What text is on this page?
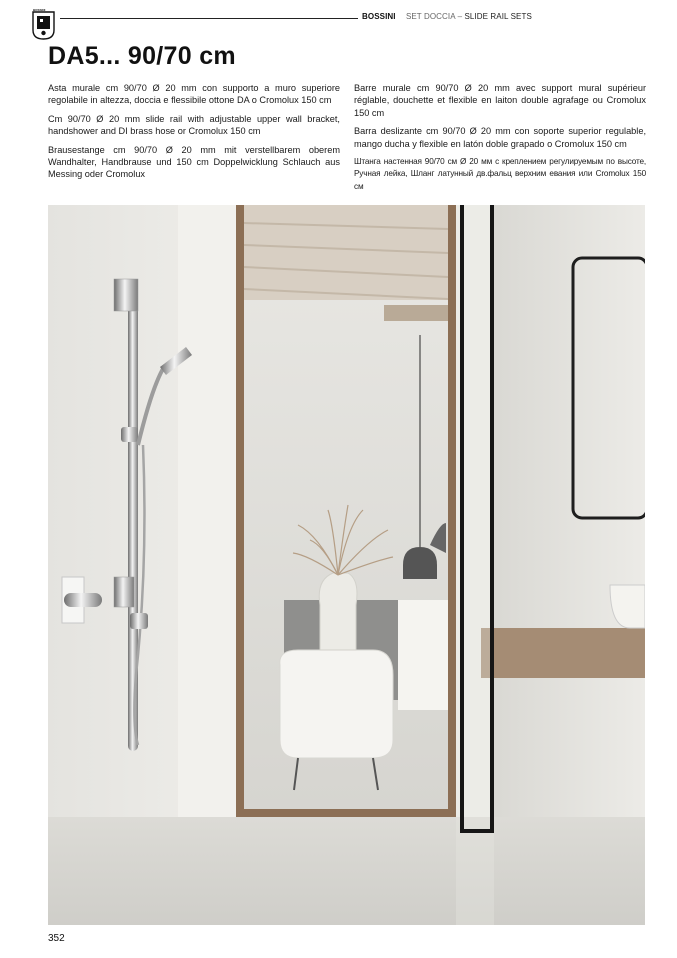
BOSSINI
BOSSINI SET DOCCIA – SLIDE RAIL SETS
DA5... 90/70 cm

Asta murale cm 90/70 Ø 20 mm con supporto a muro superiore regolabile in altezza, doccia e flessibile ottone DA o Cromolux 150 cm

Cm 90/70 Ø 20 mm slide rail with adjustable upper wall bracket, handshower and DI brass hose or Cromolux 150 cm

Brausestange cm 90/70 Ø 20 mm mit verstellbarem oberem Wandhalter, Handbrause und 150 cm Doppelwicklung Schlauch aus Messing oder Cromolux

Barre murale cm 90/70 Ø 20 mm avec support mural supérieur réglable, douchette et flexible en laiton double agrafage ou Cromolux 150 cm

Barra deslizante cm 90/70 Ø 20 mm con soporte superior regulable, mango ducha y flexible en latón doble grapado o Cromolux 150 cm

Штанга настенная 90/70 см Ø 20 мм с креплением регулируемым по высоте, Ручная лейка, Шланг латунный дв.фальц верхним евания или Cromolux 150 см

352
